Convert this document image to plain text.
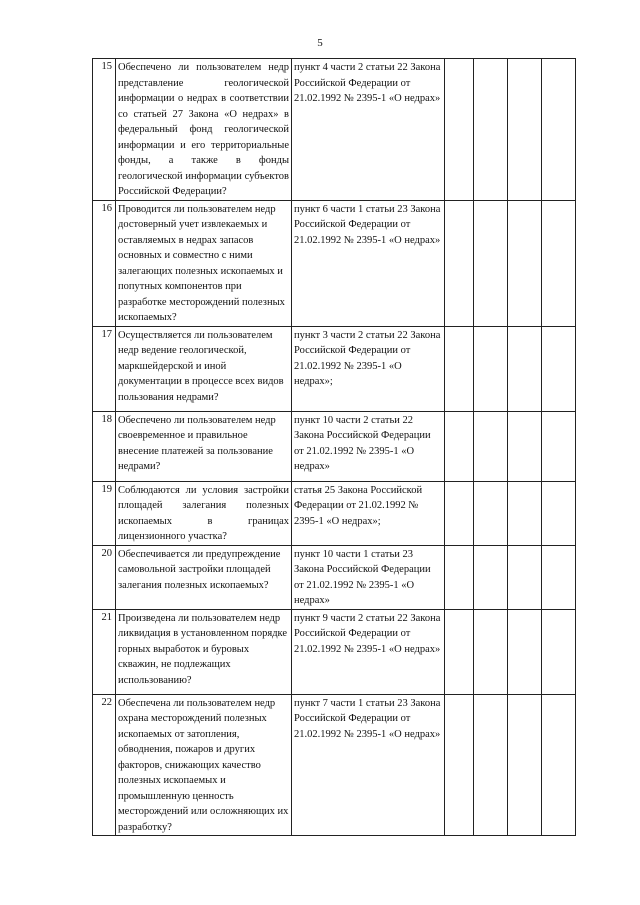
5
15	Обеспечено ли пользователем недр представление геологической информации о недрах в соответствии со статьей 27 Закона «О недрах» в федеральный фонд геологической информации и его территориальные фонды, а также в фонды геологической информации субъектов Российской Федерации?	пункт 4 части 2 статьи 22 Закона Российской Федерации от 21.02.1992 № 2395-1 «О недрах»				
16	Проводится ли пользователем недр достоверный учет извлекаемых и оставляемых в недрах запасов основных и совместно с ними залегающих полезных ископаемых и попутных компонентов при разработке месторождений полезных ископаемых?	пункт 6 части 1 статьи 23 Закона Российской Федерации от 21.02.1992 № 2395-1 «О недрах»				
17	Осуществляется ли пользователем недр ведение геологической, маркшейдерской и иной документации в процессе всех видов пользования недрами?	пункт 3 части 2 статьи 22 Закона Российской Федерации от 21.02.1992 № 2395-1 «О недрах»;				
18	Обеспечено ли пользователем недр своевременное и правильное внесение платежей за пользование недрами?	пункт 10 части 2 статьи 22 Закона Российской Федерации от 21.02.1992 № 2395-1 «О недрах»				
19	Соблюдаются ли условия застройки площадей залегания полезных ископаемых в границах лицензионного участка?	статья 25 Закона Российской Федерации от 21.02.1992 № 2395-1 «О недрах»;				
20	Обеспечивается ли предупреждение самовольной застройки площадей залегания полезных ископаемых?	пункт 10 части 1 статьи 23 Закона Российской Федерации от 21.02.1992 № 2395-1 «О недрах»				
21	Произведена ли пользователем недр ликвидация в установленном порядке горных выработок и буровых скважин, не подлежащих использованию?	пункт 9 части 2 статьи 22 Закона Российской Федерации от 21.02.1992 № 2395-1 «О недрах»				
22	Обеспечена ли пользователем недр охрана месторождений полезных ископаемых от затопления, обводнения, пожаров и других факторов, снижающих качество полезных ископаемых и промышленную ценность месторождений или осложняющих их разработку?	пункт 7 части 1 статьи 23 Закона Российской Федерации от 21.02.1992 № 2395-1 «О недрах»				
